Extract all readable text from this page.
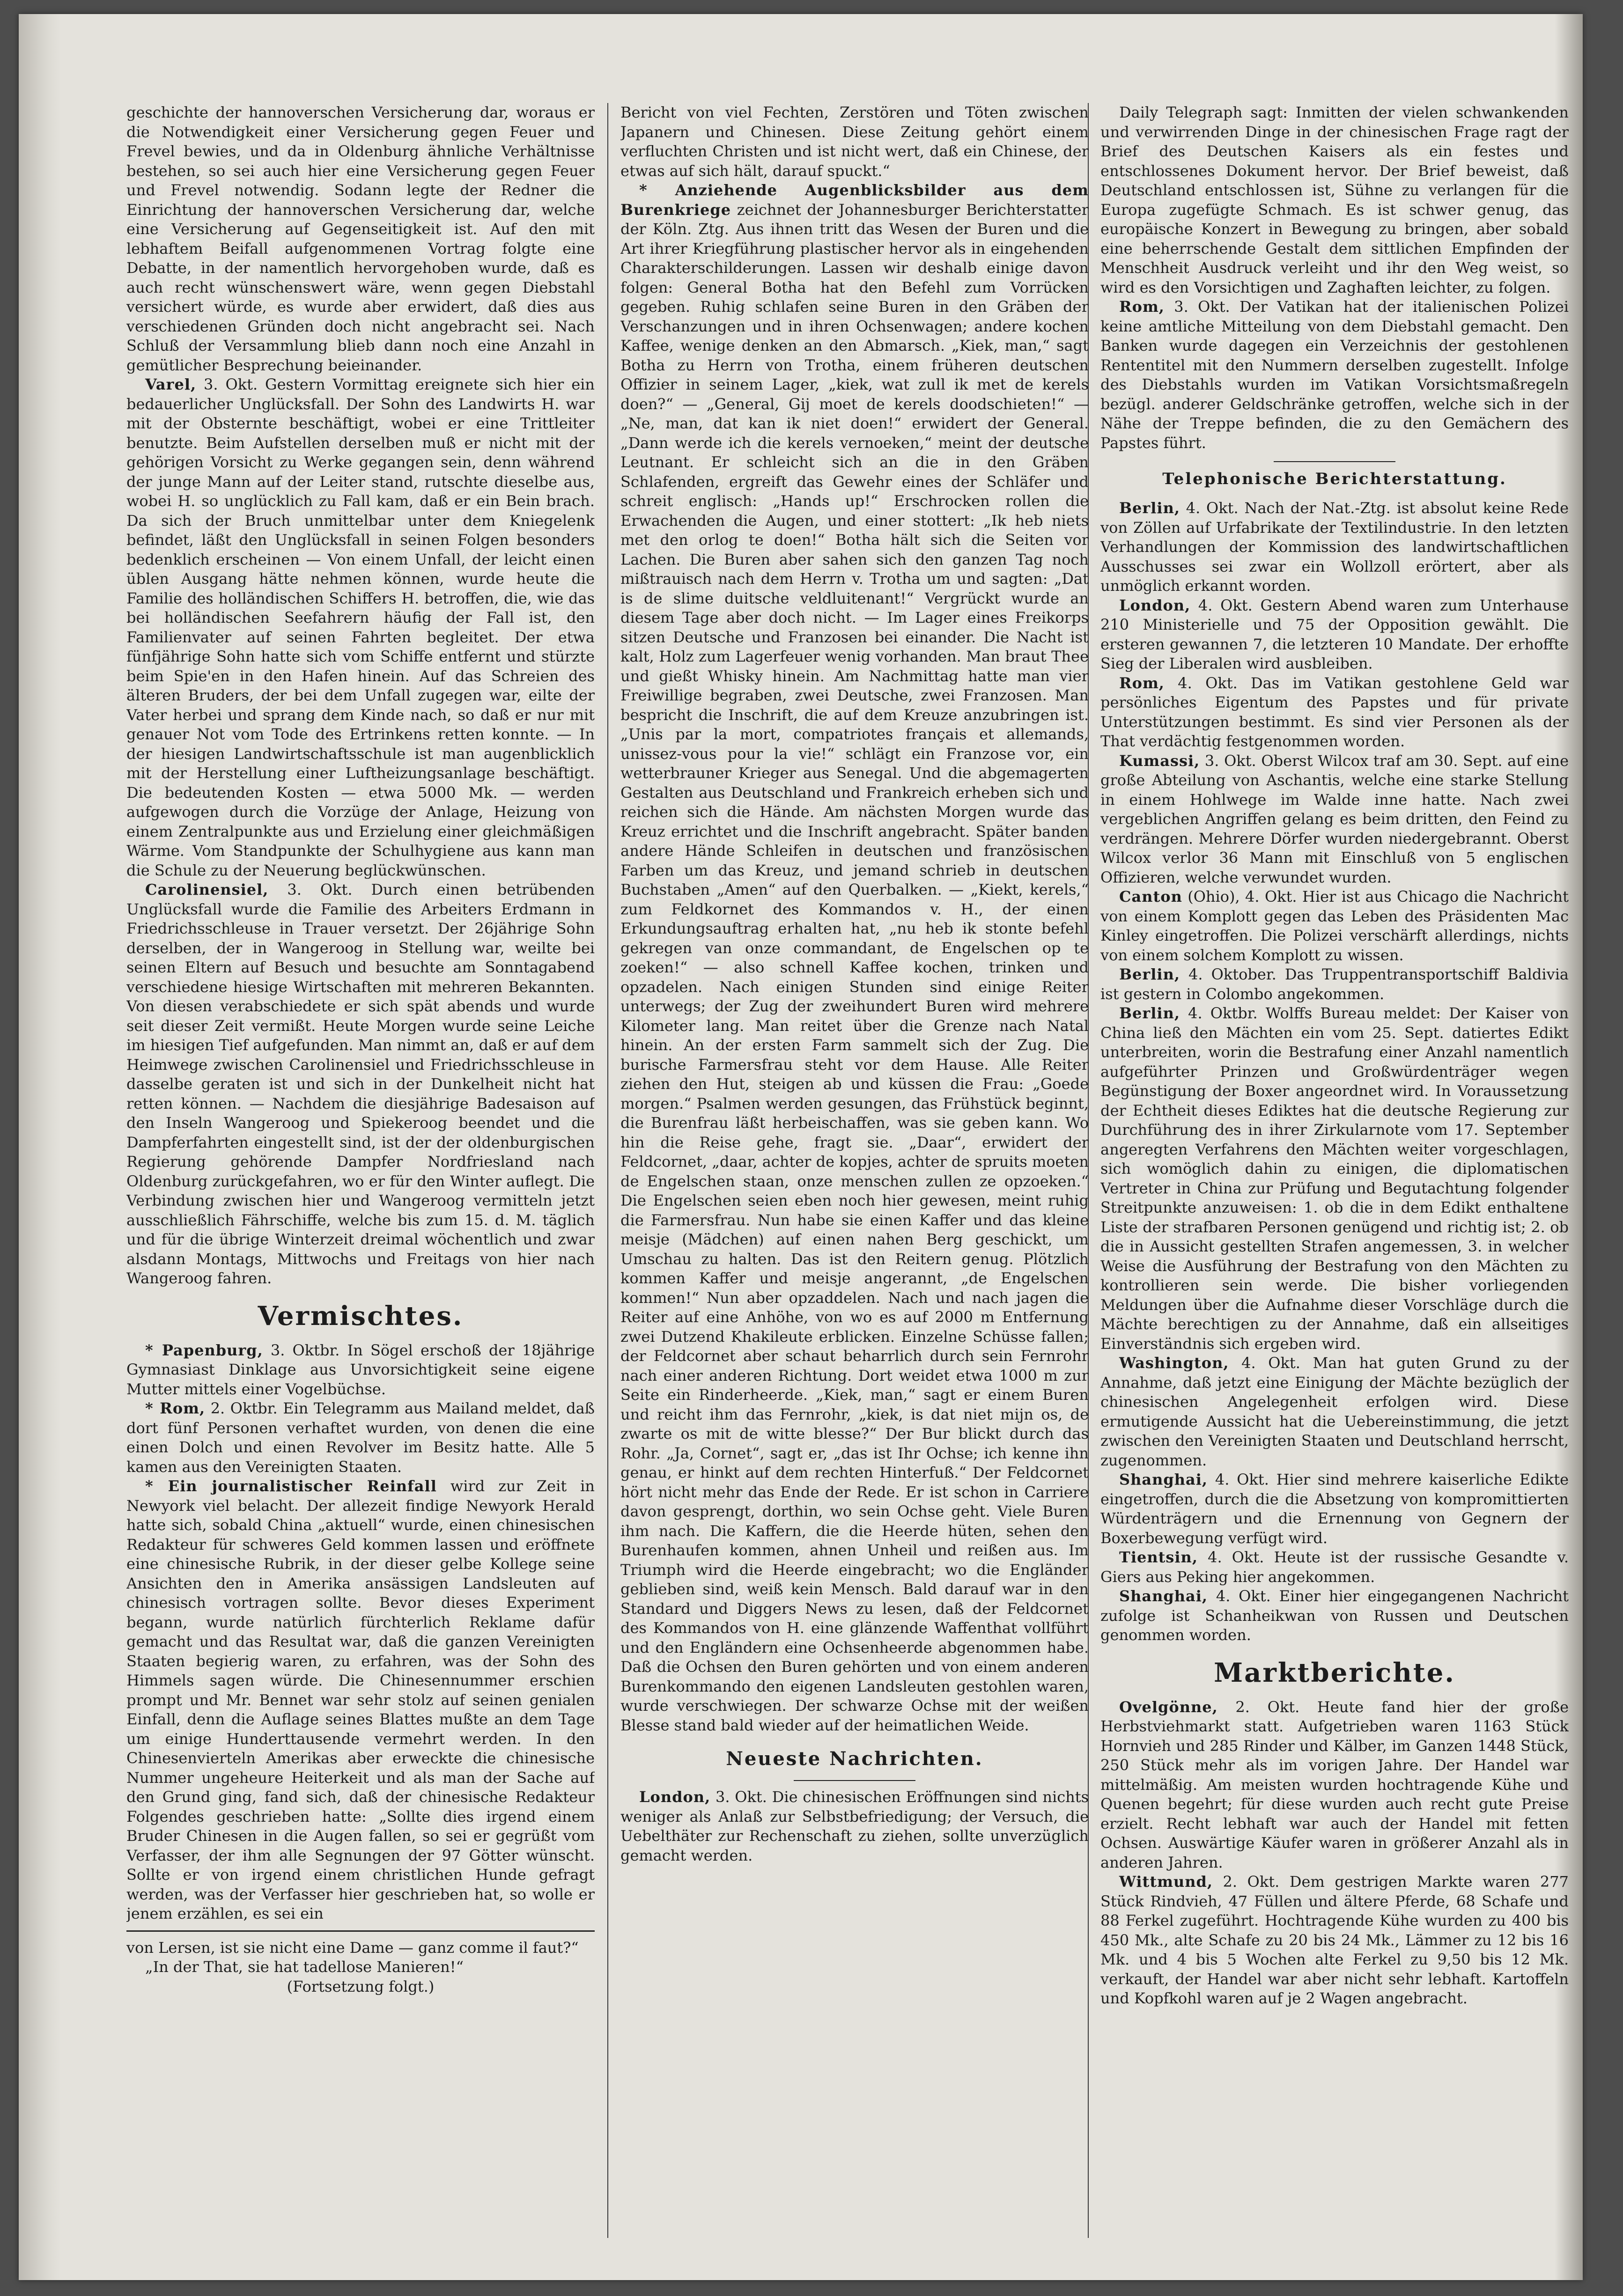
geschichte der hannoverschen Versicherung dar, woraus er die Notwendigkeit einer Versicherung gegen Feuer und Frevel bewies, und da in Oldenburg ähnliche Verhältnisse bestehen, so sei auch hier eine Versicherung gegen Feuer und Frevel notwendig. Sodann legte der Redner die Einrichtung der hannoverschen Versicherung dar, welche eine Versicherung auf Gegenseitigkeit ist. Auf den mit lebhaftem Beifall aufgenommenen Vortrag folgte eine Debatte, in der namentlich hervorgehoben wurde, daß es auch recht wünschenswert wäre, wenn gegen Diebstahl versichert würde, es wurde aber erwidert, daß dies aus verschiedenen Gründen doch nicht angebracht sei. Nach Schluß der Versammlung blieb dann noch eine Anzahl in gemütlicher Besprechung beieinander.

Varel, 3. Okt. Gestern Vormittag ereignete sich hier ein bedauerlicher Unglücksfall. Der Sohn des Landwirts H. war mit der Obsternte beschäftigt, wobei er eine Trittleiter benutzte. Beim Aufstellen derselben muß er nicht mit der gehörigen Vorsicht zu Werke gegangen sein, denn während der junge Mann auf der Leiter stand, rutschte dieselbe aus, wobei H. so unglücklich zu Fall kam, daß er ein Bein brach. Da sich der Bruch unmittelbar unter dem Kniegelenk befindet, läßt den Unglücksfall in seinen Folgen besonders bedenklich erscheinen — Von einem Unfall, der leicht einen üblen Ausgang hätte nehmen können, wurde heute die Familie des holländischen Schiffers H. betroffen, die, wie das bei holländischen Seefahrern häufig der Fall ist, den Familienvater auf seinen Fahrten begleitet. Der etwa fünfjährige Sohn hatte sich vom Schiffe entfernt und stürzte beim Spie'en in den Hafen hinein. Auf das Schreien des älteren Bruders, der bei dem Unfall zugegen war, eilte der Vater herbei und sprang dem Kinde nach, so daß er nur mit genauer Not vom Tode des Ertrinkens retten konnte. — In der hiesigen Landwirtschaftsschule ist man augenblicklich mit der Herstellung einer Luftheizungsanlage beschäftigt. Die bedeutenden Kosten — etwa 5000 Mk. — werden aufgewogen durch die Vorzüge der Anlage, Heizung von einem Zentralpunkte aus und Erzielung einer gleichmäßigen Wärme. Vom Standpunkte der Schulhygiene aus kann man die Schule zu der Neuerung beglückwünschen.

Carolinensiel, 3. Okt. Durch einen betrübenden Unglücksfall wurde die Familie des Arbeiters Erdmann in Friedrichsschleuse in Trauer versetzt. Der 26jährige Sohn derselben, der in Wangeroog in Stellung war, weilte bei seinen Eltern auf Besuch und besuchte am Sonntagabend verschiedene hiesige Wirtschaften mit mehreren Bekannten. Von diesen verabschiedete er sich spät abends und wurde seit dieser Zeit vermißt. Heute Morgen wurde seine Leiche im hiesigen Tief aufgefunden. Man nimmt an, daß er auf dem Heimwege zwischen Carolinensiel und Friedrichsschleuse in dasselbe geraten ist und sich in der Dunkelheit nicht hat retten können. — Nachdem die diesjährige Badesaison auf den Inseln Wangeroog und Spiekeroog beendet und die Dampferfahrten eingestellt sind, ist der der oldenburgischen Regierung gehörende Dampfer Nordfriesland nach Oldenburg zurückgefahren, wo er für den Winter auflegt. Die Verbindung zwischen hier und Wangeroog vermitteln jetzt ausschließlich Fährschiffe, welche bis zum 15. d. M. täglich und für die übrige Winterzeit dreimal wöchentlich und zwar alsdann Montags, Mittwochs und Freitags von hier nach Wangeroog fahren.

Vermischtes.

* Papenburg, 3. Oktbr. In Sögel erschoß der 18jährige Gymnasiast Dinklage aus Unvorsichtigkeit seine eigene Mutter mittels einer Vogelbüchse.

* Rom, 2. Oktbr. Ein Telegramm aus Mailand meldet, daß dort fünf Personen verhaftet wurden, von denen die eine einen Dolch und einen Revolver im Besitz hatte. Alle 5 kamen aus den Vereinigten Staaten.

* Ein journalistischer Reinfall wird zur Zeit in Newyork viel belacht. Der allezeit findige Newyork Herald hatte sich, sobald China „aktuell“ wurde, einen chinesischen Redakteur für schweres Geld kommen lassen und eröffnete eine chinesische Rubrik, in der dieser gelbe Kollege seine Ansichten den in Amerika ansässigen Landsleuten auf chinesisch vortragen sollte. Bevor dieses Experiment begann, wurde natürlich fürchterlich Reklame dafür gemacht und das Resultat war, daß die ganzen Vereinigten Staaten begierig waren, zu erfahren, was der Sohn des Himmels sagen würde. Die Chinesennummer erschien prompt und Mr. Bennet war sehr stolz auf seinen genialen Einfall, denn die Auflage seines Blattes mußte an dem Tage um einige Hunderttausende vermehrt werden. In den Chinesenvierteln Amerikas aber erweckte die chinesische Nummer ungeheure Heiterkeit und als man der Sache auf den Grund ging, fand sich, daß der chinesische Redakteur Folgendes geschrieben hatte: „Sollte dies irgend einem Bruder Chinesen in die Augen fallen, so sei er gegrüßt vom Verfasser, der ihm alle Segnungen der 97 Götter wünscht. Sollte er von irgend einem christlichen Hunde gefragt werden, was der Verfasser hier geschrieben hat, so wolle er jenem erzählen, es sei ein

von Lersen, ist sie nicht eine Dame — ganz comme il faut?“

„In der That, sie hat tadellose Manieren!“

(Fortsetzung folgt.)

Bericht von viel Fechten, Zerstören und Töten zwischen Japanern und Chinesen. Diese Zeitung gehört einem verfluchten Christen und ist nicht wert, daß ein Chinese, der etwas auf sich hält, darauf spuckt.“

* Anziehende Augenblicksbilder aus dem Burenkriege zeichnet der Johannesburger Berichterstatter der Köln. Ztg. Aus ihnen tritt das Wesen der Buren und die Art ihrer Kriegführung plastischer hervor als in eingehenden Charakterschilderungen. Lassen wir deshalb einige davon folgen: General Botha hat den Befehl zum Vorrücken gegeben. Ruhig schlafen seine Buren in den Gräben der Verschanzungen und in ihren Ochsenwagen; andere kochen Kaffee, wenige denken an den Abmarsch. „Kiek, man,“ sagt Botha zu Herrn von Trotha, einem früheren deutschen Offizier in seinem Lager, „kiek, wat zull ik met de kerels doen?“ — „General, Gij moet de kerels doodschieten!“ — „Ne, man, dat kan ik niet doen!“ erwidert der General. „Dann werde ich die kerels vernoeken,“ meint der deutsche Leutnant. Er schleicht sich an die in den Gräben Schlafenden, ergreift das Gewehr eines der Schläfer und schreit englisch: „Hands up!“ Erschrocken rollen die Erwachenden die Augen, und einer stottert: „Ik heb niets met den orlog te doen!“ Botha hält sich die Seiten vor Lachen. Die Buren aber sahen sich den ganzen Tag noch mißtrauisch nach dem Herrn v. Trotha um und sagten: „Dat is de slime duitsche veldluitenant!“ Vergrückt wurde an diesem Tage aber doch nicht. — Im Lager eines Freikorps sitzen Deutsche und Franzosen bei einander. Die Nacht ist kalt, Holz zum Lagerfeuer wenig vorhanden. Man braut Thee und gießt Whisky hinein. Am Nachmittag hatte man vier Freiwillige begraben, zwei Deutsche, zwei Franzosen. Man bespricht die Inschrift, die auf dem Kreuze anzubringen ist. „Unis par la mort, compatriotes français et allemands, unissez-vous pour la vie!“ schlägt ein Franzose vor, ein wetterbrauner Krieger aus Senegal. Und die abgemagerten Gestalten aus Deutschland und Frankreich erheben sich und reichen sich die Hände. Am nächsten Morgen wurde das Kreuz errichtet und die Inschrift angebracht. Später banden andere Hände Schleifen in deutschen und französischen Farben um das Kreuz, und jemand schrieb in deutschen Buchstaben „Amen“ auf den Querbalken. — „Kiekt, kerels,“ zum Feldkornet des Kommandos v. H., der einen Erkundungsauftrag erhalten hat, „nu heb ik stonte befehl gekregen van onze commandant, de Engelschen op te zoeken!“ — also schnell Kaffee kochen, trinken und opzadelen. Nach einigen Stunden sind einige Reiter unterwegs; der Zug der zweihundert Buren wird mehrere Kilometer lang. Man reitet über die Grenze nach Natal hinein. An der ersten Farm sammelt sich der Zug. Die burische Farmersfrau steht vor dem Hause. Alle Reiter ziehen den Hut, steigen ab und küssen die Frau: „Goede morgen.“ Psalmen werden gesungen, das Frühstück beginnt, die Burenfrau läßt herbeischaffen, was sie geben kann. Wo hin die Reise gehe, fragt sie. „Daar“, erwidert der Feldcornet, „daar, achter de kopjes, achter de spruits moeten de Engelschen staan, onze menschen zullen ze opzoeken.“ Die Engelschen seien eben noch hier gewesen, meint ruhig die Farmersfrau. Nun habe sie einen Kaffer und das kleine meisje (Mädchen) auf einen nahen Berg geschickt, um Umschau zu halten. Das ist den Reitern genug. Plötzlich kommen Kaffer und meisje angerannt, „de Engelschen kommen!“ Nun aber opzaddelen. Nach und nach jagen die Reiter auf eine Anhöhe, von wo es auf 2000 m Entfernung zwei Dutzend Khakileute erblicken. Einzelne Schüsse fallen; der Feldcornet aber schaut beharrlich durch sein Fernrohr nach einer anderen Richtung. Dort weidet etwa 1000 m zur Seite ein Rinderheerde. „Kiek, man,“ sagt er einem Buren und reicht ihm das Fernrohr, „kiek, is dat niet mijn os, de zwarte os mit de witte blesse?“ Der Bur blickt durch das Rohr. „Ja, Cornet“, sagt er, „das ist Ihr Ochse; ich kenne ihn genau, er hinkt auf dem rechten Hinterfuß.“ Der Feldcornet hört nicht mehr das Ende der Rede. Er ist schon in Carriere davon gesprengt, dorthin, wo sein Ochse geht. Viele Buren ihm nach. Die Kaffern, die die Heerde hüten, sehen den Burenhaufen kommen, ahnen Unheil und reißen aus. Im Triumph wird die Heerde eingebracht; wo die Engländer geblieben sind, weiß kein Mensch. Bald darauf war in den Standard und Diggers News zu lesen, daß der Feldcornet des Kommandos von H. eine glänzende Waffenthat vollführt und den Engländern eine Ochsenheerde abgenommen habe. Daß die Ochsen den Buren gehörten und von einem anderen Burenkommando den eigenen Landsleuten gestohlen waren, wurde verschwiegen. Der schwarze Ochse mit der weißen Blesse stand bald wieder auf der heimatlichen Weide.

Neueste Nachrichten.

London, 3. Okt. Die chinesischen Eröffnungen sind nichts weniger als Anlaß zur Selbstbefriedigung; der Versuch, die Uebelthäter zur Rechenschaft zu ziehen, sollte unverzüglich gemacht werden.

Daily Telegraph sagt: Inmitten der vielen schwankenden und verwirrenden Dinge in der chinesischen Frage ragt der Brief des Deutschen Kaisers als ein festes und entschlossenes Dokument hervor. Der Brief beweist, daß Deutschland entschlossen ist, Sühne zu verlangen für die Europa zugefügte Schmach. Es ist schwer genug, das europäische Konzert in Bewegung zu bringen, aber sobald eine beherrschende Gestalt dem sittlichen Empfinden der Menschheit Ausdruck verleiht und ihr den Weg weist, so wird es den Vorsichtigen und Zaghaften leichter, zu folgen.

Rom, 3. Okt. Der Vatikan hat der italienischen Polizei keine amtliche Mitteilung von dem Diebstahl gemacht. Den Banken wurde dagegen ein Verzeichnis der gestohlenen Rententitel mit den Nummern derselben zugestellt. Infolge des Diebstahls wurden im Vatikan Vorsichtsmaßregeln bezügl. anderer Geldschränke getroffen, welche sich in der Nähe der Treppe befinden, die zu den Gemächern des Papstes führt.

Telephonische Berichterstattung.

Berlin, 4. Okt. Nach der Nat.-Ztg. ist absolut keine Rede von Zöllen auf Urfabrikate der Textilindustrie. In den letzten Verhandlungen der Kommission des landwirtschaftlichen Ausschusses sei zwar ein Wollzoll erörtert, aber als unmöglich erkannt worden.

London, 4. Okt. Gestern Abend waren zum Unterhause 210 Ministerielle und 75 der Opposition gewählt. Die ersteren gewannen 7, die letzteren 10 Mandate. Der erhoffte Sieg der Liberalen wird ausbleiben.

Rom, 4. Okt. Das im Vatikan gestohlene Geld war persönliches Eigentum des Papstes und für private Unterstützungen bestimmt. Es sind vier Personen als der That verdächtig festgenommen worden.

Kumassi, 3. Okt. Oberst Wilcox traf am 30. Sept. auf eine große Abteilung von Aschantis, welche eine starke Stellung in einem Hohlwege im Walde inne hatte. Nach zwei vergeblichen Angriffen gelang es beim dritten, den Feind zu verdrängen. Mehrere Dörfer wurden niedergebrannt. Oberst Wilcox verlor 36 Mann mit Einschluß von 5 englischen Offizieren, welche verwundet wurden.

Canton (Ohio), 4. Okt. Hier ist aus Chicago die Nachricht von einem Komplott gegen das Leben des Präsidenten Mac Kinley eingetroffen. Die Polizei verschärft allerdings, nichts von einem solchem Komplott zu wissen.

Berlin, 4. Oktober. Das Truppentransportschiff Baldivia ist gestern in Colombo angekommen.

Berlin, 4. Oktbr. Wolffs Bureau meldet: Der Kaiser von China ließ den Mächten ein vom 25. Sept. datiertes Edikt unterbreiten, worin die Bestrafung einer Anzahl namentlich aufgeführter Prinzen und Großwürdenträger wegen Begünstigung der Boxer angeordnet wird. In Voraussetzung der Echtheit dieses Ediktes hat die deutsche Regierung zur Durchführung des in ihrer Zirkularnote vom 17. September angeregten Verfahrens den Mächten weiter vorgeschlagen, sich womöglich dahin zu einigen, die diplomatischen Vertreter in China zur Prüfung und Begutachtung folgender Streitpunkte anzuweisen: 1. ob die in dem Edikt enthaltene Liste der strafbaren Personen genügend und richtig ist; 2. ob die in Aussicht gestellten Strafen angemessen, 3. in welcher Weise die Ausführung der Bestrafung von den Mächten zu kontrollieren sein werde. Die bisher vorliegenden Meldungen über die Aufnahme dieser Vorschläge durch die Mächte berechtigen zu der Annahme, daß ein allseitiges Einverständnis sich ergeben wird.

Washington, 4. Okt. Man hat guten Grund zu der Annahme, daß jetzt eine Einigung der Mächte bezüglich der chinesischen Angelegenheit erfolgen wird. Diese ermutigende Aussicht hat die Uebereinstimmung, die jetzt zwischen den Vereinigten Staaten und Deutschland herrscht, zugenommen.

Shanghai, 4. Okt. Hier sind mehrere kaiserliche Edikte eingetroffen, durch die die Absetzung von kompromittierten Würdenträgern und die Ernennung von Gegnern der Boxerbewegung verfügt wird.

Tientsin, 4. Okt. Heute ist der russische Gesandte v. Giers aus Peking hier angekommen.

Shanghai, 4. Okt. Einer hier eingegangenen Nachricht zufolge ist Schanheikwan von Russen und Deutschen genommen worden.

Marktberichte.

Ovelgönne, 2. Okt. Heute fand hier der große Herbstviehmarkt statt. Aufgetrieben waren 1163 Stück Hornvieh und 285 Rinder und Kälber, im Ganzen 1448 Stück, 250 Stück mehr als im vorigen Jahre. Der Handel war mittelmäßig. Am meisten wurden hochtragende Kühe und Quenen begehrt; für diese wurden auch recht gute Preise erzielt. Recht lebhaft war auch der Handel mit fetten Ochsen. Auswärtige Käufer waren in größerer Anzahl als in anderen Jahren.

Wittmund, 2. Okt. Dem gestrigen Markte waren 277 Stück Rindvieh, 47 Füllen und ältere Pferde, 68 Schafe und 88 Ferkel zugeführt. Hochtragende Kühe wurden zu 400 bis 450 Mk., alte Schafe zu 20 bis 24 Mk., Lämmer zu 12 bis 16 Mk. und 4 bis 5 Wochen alte Ferkel zu 9,50 bis 12 Mk. verkauft, der Handel war aber nicht sehr lebhaft. Kartoffeln und Kopfkohl waren auf je 2 Wagen angebracht.
